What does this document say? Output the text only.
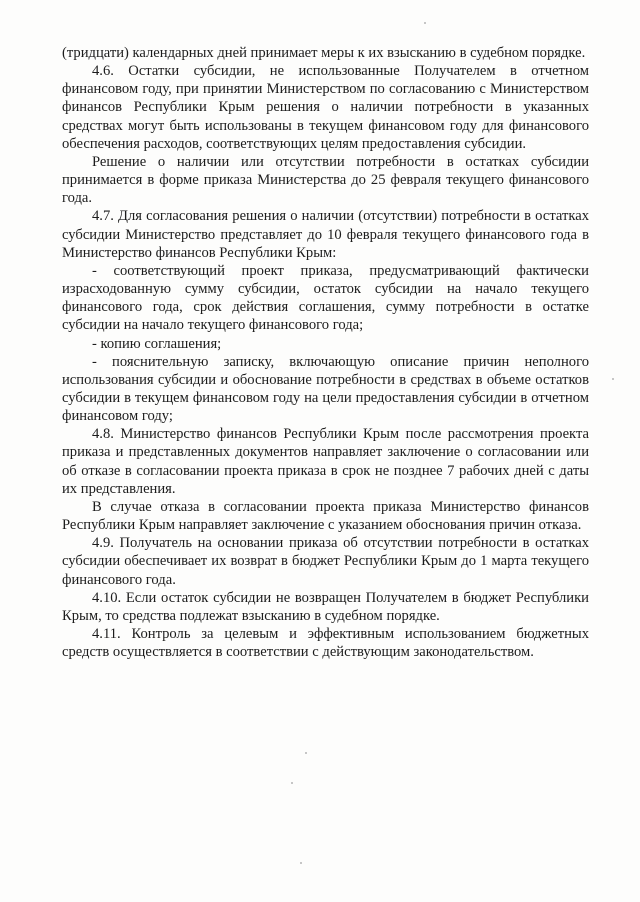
(тридцати) календарных дней принимает меры к их взысканию в судебном порядке.

4.6. Остатки субсидии, не использованные Получателем в отчетном финансовом году, при принятии Министерством по согласованию с Министерством финансов Республики Крым решения о наличии потребности в указанных средствах могут быть использованы в текущем финансовом году для финансового обеспечения расходов, соответствующих целям предоставления субсидии.

Решение о наличии или отсутствии потребности в остатках субсидии принимается в форме приказа Министерства до 25 февраля текущего финансового года.

4.7. Для согласования решения о наличии (отсутствии) потребности в остатках субсидии Министерство представляет до 10 февраля текущего финансового года в Министерство финансов Республики Крым:

- соответствующий проект приказа, предусматривающий фактически израсходованную сумму субсидии, остаток субсидии на начало текущего финансового года, срок действия соглашения, сумму потребности в остатке субсидии на начало текущего финансового года;

- копию соглашения;

- пояснительную записку, включающую описание причин неполного использования субсидии и обоснование потребности в средствах в объеме остатков субсидии в текущем финансовом году на цели предоставления субсидии в отчетном финансовом году;

4.8. Министерство финансов Республики Крым после рассмотрения проекта приказа и представленных документов направляет заключение о согласовании или об отказе в согласовании проекта приказа в срок не позднее 7 рабочих дней с даты их представления.

В случае отказа в согласовании проекта приказа Министерство финансов Республики Крым направляет заключение с указанием обоснования причин отказа.

4.9. Получатель на основании приказа об отсутствии потребности в остатках субсидии обеспечивает их возврат в бюджет Республики Крым до 1 марта текущего финансового года.

4.10. Если остаток субсидии не возвращен Получателем в бюджет Республики Крым, то средства подлежат взысканию в судебном порядке.

4.11. Контроль за целевым и эффективным использованием бюджетных средств осуществляется в соответствии с действующим законодательством.
